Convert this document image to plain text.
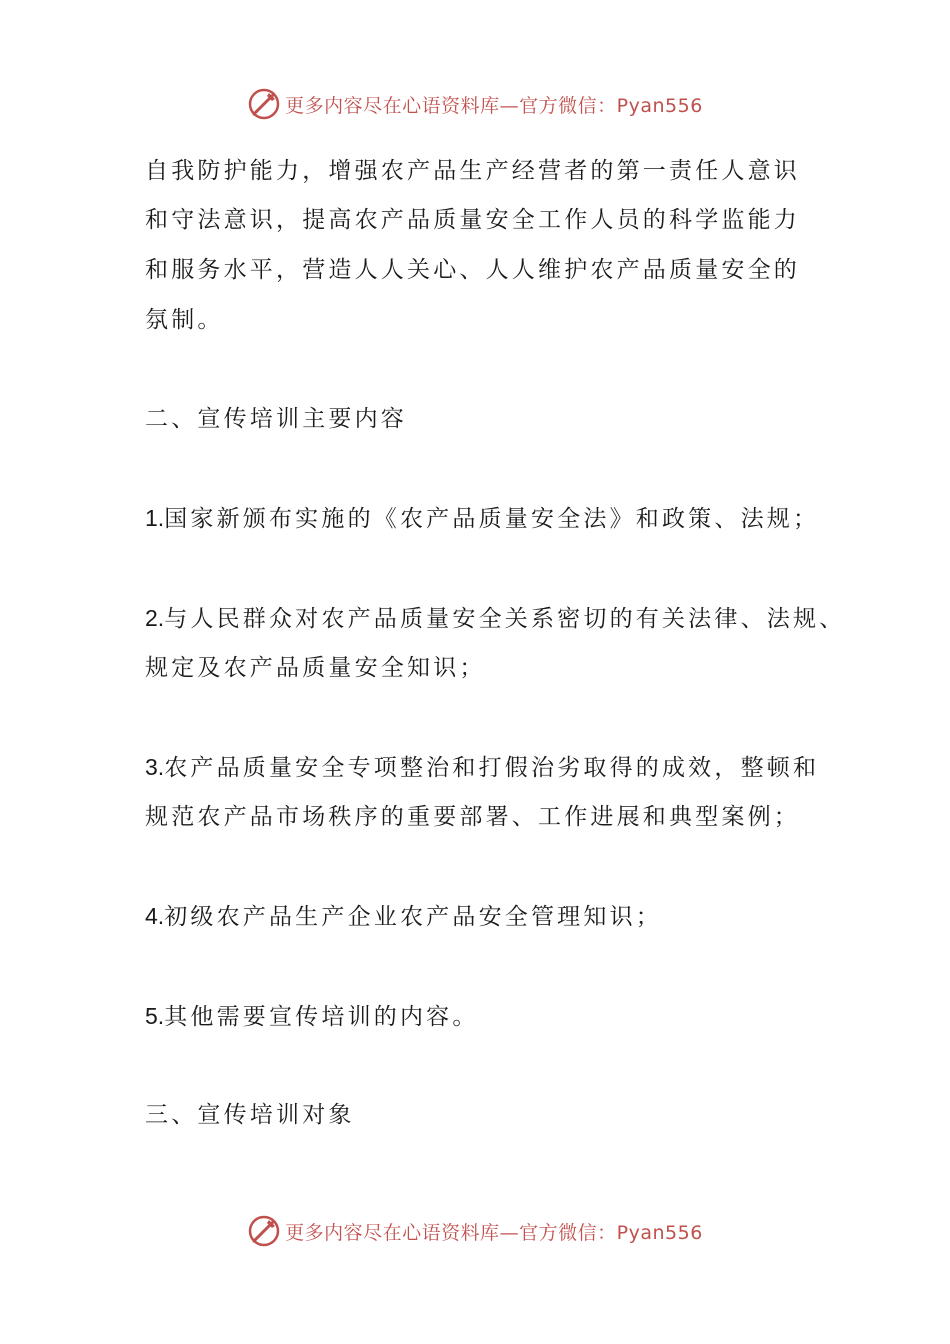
更多内容尽在心语资料库—官方微信：Pyan556
自我防护能力，增强农产品生产经营者的第一责任人意识
和守法意识，提高农产品质量安全工作人员的科学监能力
和服务水平，营造人人关心、人人维护农产品质量安全的
氛制。
二、宣传培训主要内容
1.国家新颁布实施的《农产品质量安全法》和政策、法规；
2.与人民群众对农产品质量安全关系密切的有关法律、法规、
规定及农产品质量安全知识；
3.农产品质量安全专项整治和打假治劣取得的成效，整顿和
规范农产品市场秩序的重要部署、工作进展和典型案例；
4.初级农产品生产企业农产品安全管理知识；
5.其他需要宣传培训的内容。
三、宣传培训对象
更多内容尽在心语资料库—官方微信：Pyan556
